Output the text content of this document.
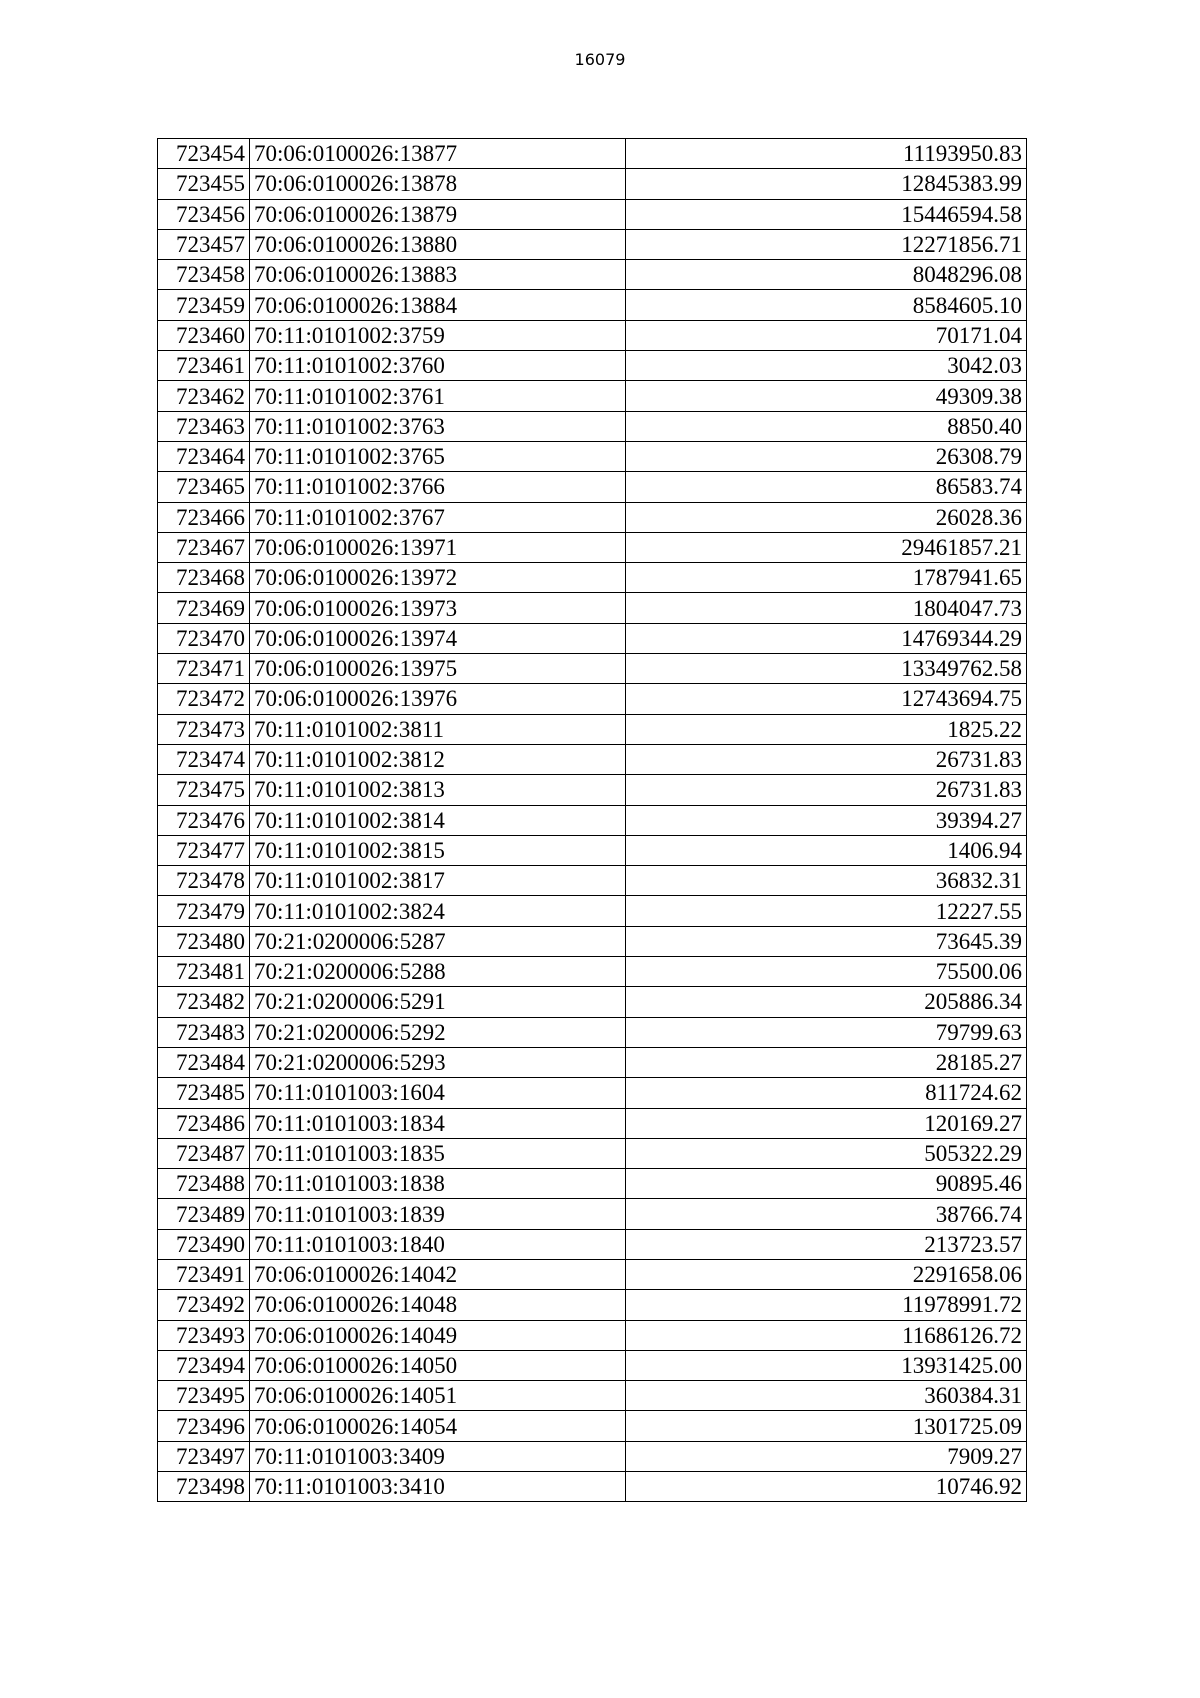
16079
723454	70:06:0100026:13877	11193950.83
723455	70:06:0100026:13878	12845383.99
723456	70:06:0100026:13879	15446594.58
723457	70:06:0100026:13880	12271856.71
723458	70:06:0100026:13883	8048296.08
723459	70:06:0100026:13884	8584605.10
723460	70:11:0101002:3759	70171.04
723461	70:11:0101002:3760	3042.03
723462	70:11:0101002:3761	49309.38
723463	70:11:0101002:3763	8850.40
723464	70:11:0101002:3765	26308.79
723465	70:11:0101002:3766	86583.74
723466	70:11:0101002:3767	26028.36
723467	70:06:0100026:13971	29461857.21
723468	70:06:0100026:13972	1787941.65
723469	70:06:0100026:13973	1804047.73
723470	70:06:0100026:13974	14769344.29
723471	70:06:0100026:13975	13349762.58
723472	70:06:0100026:13976	12743694.75
723473	70:11:0101002:3811	1825.22
723474	70:11:0101002:3812	26731.83
723475	70:11:0101002:3813	26731.83
723476	70:11:0101002:3814	39394.27
723477	70:11:0101002:3815	1406.94
723478	70:11:0101002:3817	36832.31
723479	70:11:0101002:3824	12227.55
723480	70:21:0200006:5287	73645.39
723481	70:21:0200006:5288	75500.06
723482	70:21:0200006:5291	205886.34
723483	70:21:0200006:5292	79799.63
723484	70:21:0200006:5293	28185.27
723485	70:11:0101003:1604	811724.62
723486	70:11:0101003:1834	120169.27
723487	70:11:0101003:1835	505322.29
723488	70:11:0101003:1838	90895.46
723489	70:11:0101003:1839	38766.74
723490	70:11:0101003:1840	213723.57
723491	70:06:0100026:14042	2291658.06
723492	70:06:0100026:14048	11978991.72
723493	70:06:0100026:14049	11686126.72
723494	70:06:0100026:14050	13931425.00
723495	70:06:0100026:14051	360384.31
723496	70:06:0100026:14054	1301725.09
723497	70:11:0101003:3409	7909.27
723498	70:11:0101003:3410	10746.92
